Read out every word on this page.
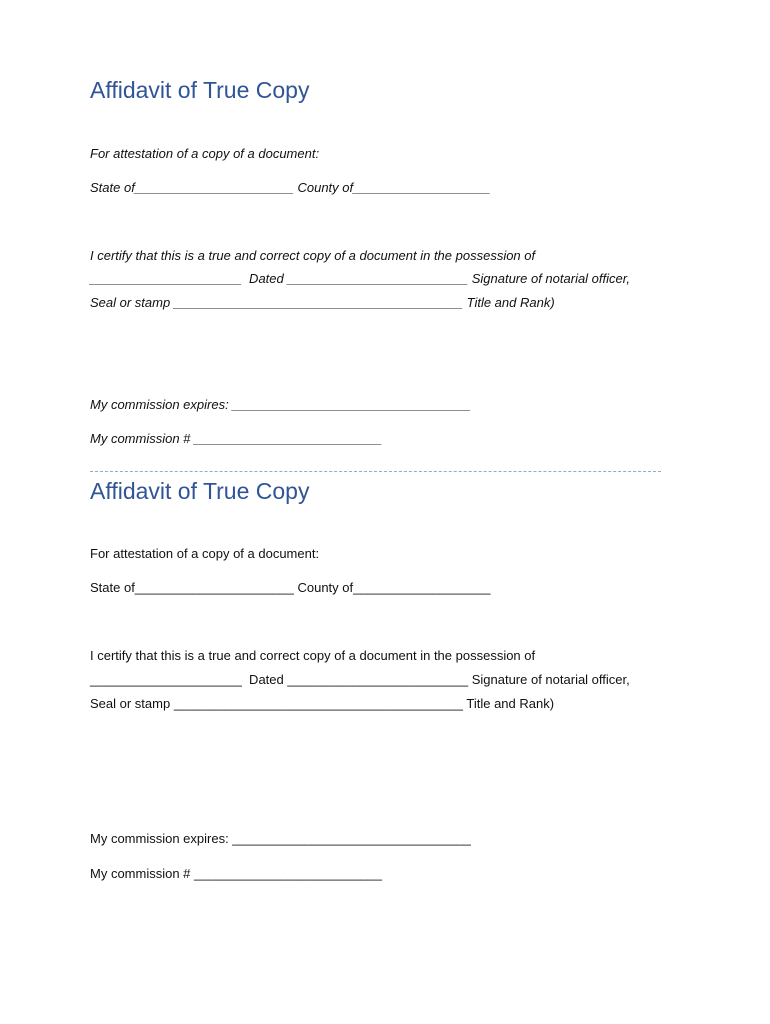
Affidavit of True Copy
For attestation of a copy of a document:
State of______________________ County of___________________
I certify that this is a true and correct copy of a document in the possession of
_____________________  Dated _________________________ Signature of notarial officer,
Seal or stamp ________________________________________ Title and Rank)
My commission expires: _________________________________
My commission # __________________________
Affidavit of True Copy
For attestation of a copy of a document:
State of______________________ County of___________________
I certify that this is a true and correct copy of a document in the possession of
_____________________  Dated _________________________ Signature of notarial officer,
Seal or stamp ________________________________________ Title and Rank)
My commission expires: _________________________________
My commission # __________________________
